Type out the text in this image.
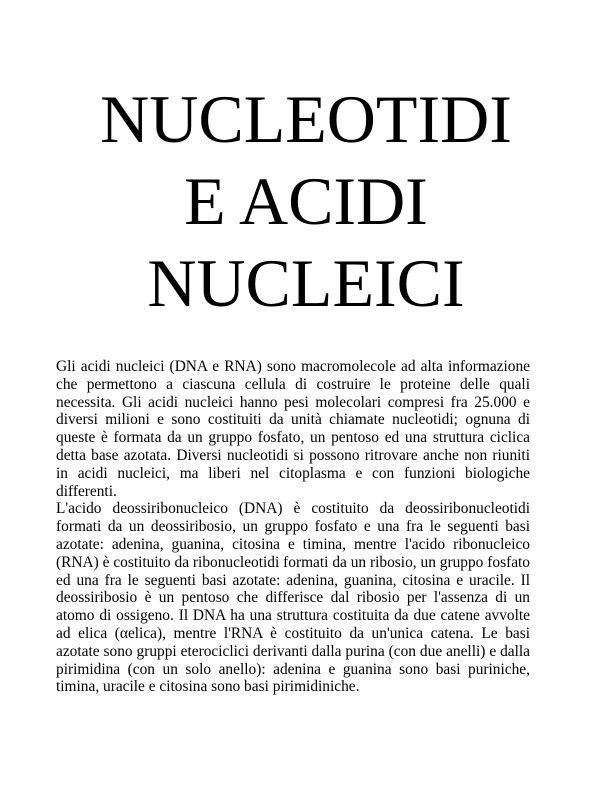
NUCLEOTIDI
E ACIDI
NUCLEICI

Gli acidi nucleici (DNA e RNA) sono macromolecole ad alta informazione che permettono a ciascuna cellula di costruire le proteine delle quali necessita. Gli acidi nucleici hanno pesi molecolari compresi fra 25.000 e diversi milioni e sono costituiti da unità chiamate nucleotidi; ognuna di queste è formata da un gruppo fosfato, un pentoso ed una struttura ciclica detta base azotata. Diversi nucleotidi si possono ritrovare anche non riuniti in acidi nucleici, ma liberi nel citoplasma e con funzioni biologiche differenti.

L'acido deossiribonucleico (DNA) è costituito da deossiribonucleotidi formati da un deossiribosio, un gruppo fosfato e una fra le seguenti basi azotate: adenina, guanina, citosina e timina, mentre l'acido ribonucleico (RNA) è costituito da ribonucleotidi formati da un ribosio, un gruppo fosfato ed una fra le seguenti basi azotate: adenina, guanina, citosina e uracile. Il deossiribosio è un pentoso che differisce dal ribosio per l'assenza di un atomo di ossigeno. Il DNA ha una struttura costituita da due catene avvolte ad elica (αelica), mentre l'RNA è costituito da un'unica catena. Le basi azotate sono gruppi eterociclici derivanti dalla purina (con due anelli) e dalla pirimidina (con un solo anello): adenina e guanina sono basi puriniche, timina, uracile e citosina sono basi pirimidiniche.
